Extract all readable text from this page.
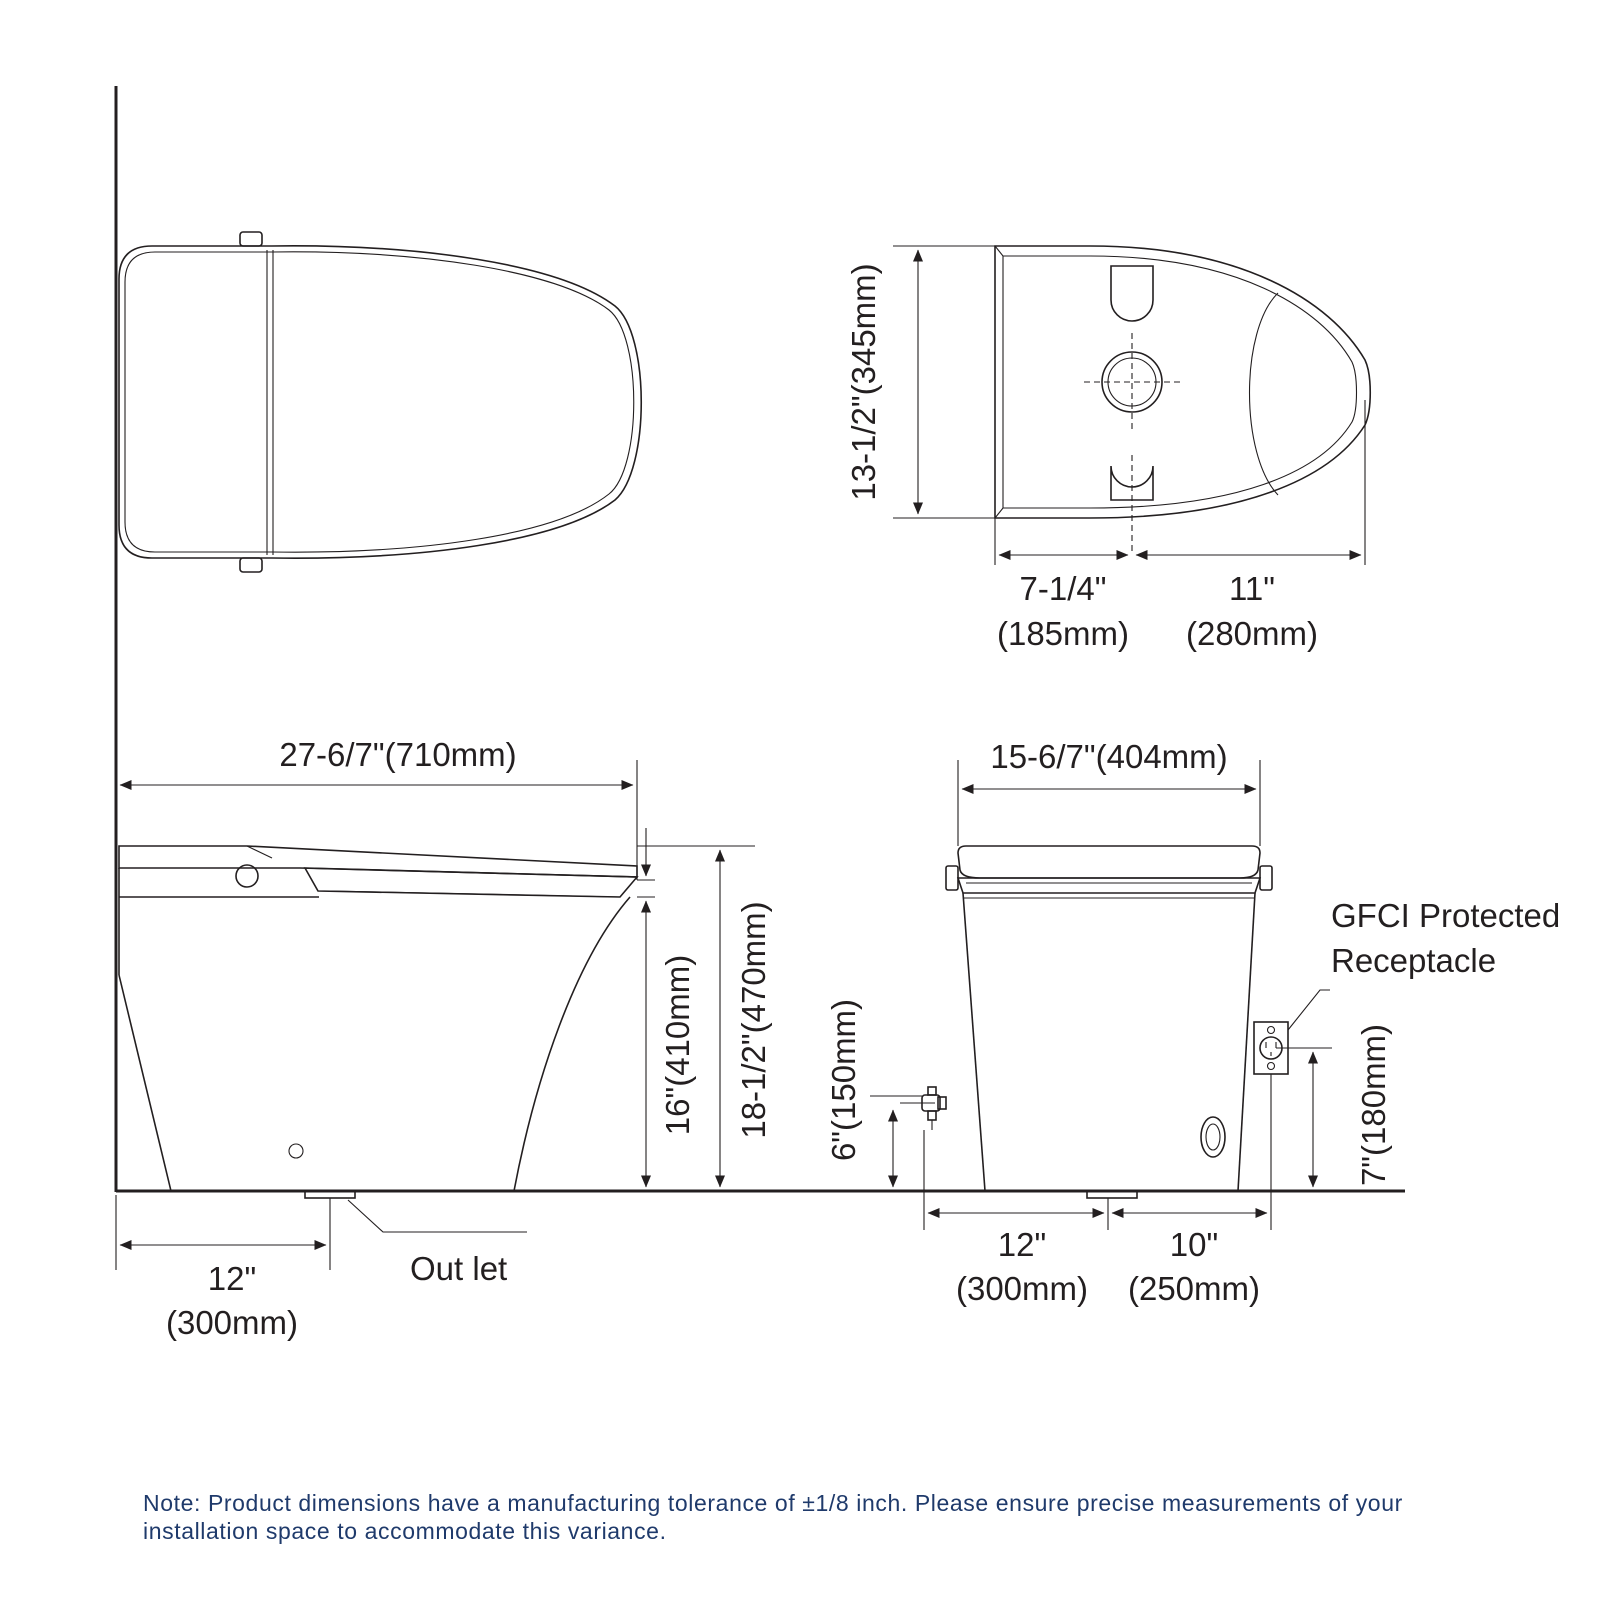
13-1/2"(345mm)
7-1/4"
(185mm)
11"
(280mm)
27-6/7"(710mm)
16"(410mm) 18-1/2"(470mm)
12"
(300mm)
Out let
GFCI Protected
Receptacle
15-6/7"(404mm)
6"(150mm)	7"(180mm)
12"
(300mm)
10"
(250mm)
Note: Product dimensions have a manufacturing tolerance of ±1/8 inch. Please ensure precise measurements of your installation space to accommodate this variance.
